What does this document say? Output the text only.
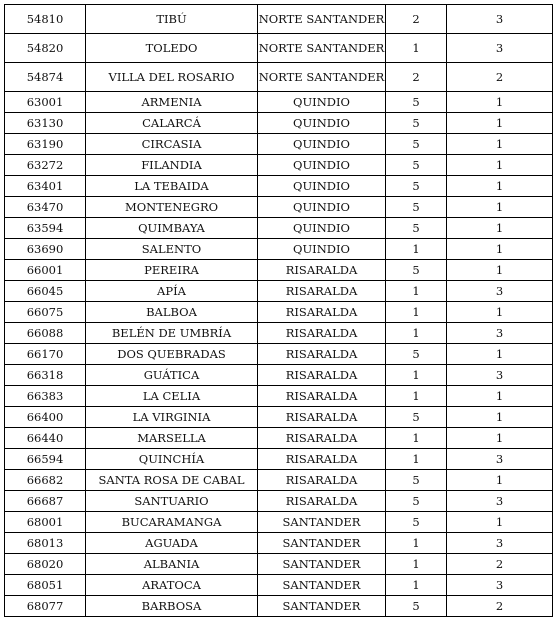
54810	TIBÚ	NORTE SANTANDER	2	3
54820	TOLEDO	NORTE SANTANDER	1	3
54874	VILLA DEL ROSARIO	NORTE SANTANDER	2	2
63001	ARMENIA	QUINDIO	5	1
63130	CALARCÁ	QUINDIO	5	1
63190	CIRCASIA	QUINDIO	5	1
63272	FILANDIA	QUINDIO	5	1
63401	LA TEBAIDA	QUINDIO	5	1
63470	MONTENEGRO	QUINDIO	5	1
63594	QUIMBAYA	QUINDIO	5	1
63690	SALENTO	QUINDIO	1	1
66001	PEREIRA	RISARALDA	5	1
66045	APÍA	RISARALDA	1	3
66075	BALBOA	RISARALDA	1	1
66088	BELÉN DE UMBRÍA	RISARALDA	1	3
66170	DOS QUEBRADAS	RISARALDA	5	1
66318	GUÁTICA	RISARALDA	1	3
66383	LA CELIA	RISARALDA	1	1
66400	LA VIRGINIA	RISARALDA	5	1
66440	MARSELLA	RISARALDA	1	1
66594	QUINCHÍA	RISARALDA	1	3
66682	SANTA ROSA DE CABAL	RISARALDA	5	1
66687	SANTUARIO	RISARALDA	5	3
68001	BUCARAMANGA	SANTANDER	5	1
68013	AGUADA	SANTANDER	1	3
68020	ALBANIA	SANTANDER	1	2
68051	ARATOCA	SANTANDER	1	3
68077	BARBOSA	SANTANDER	5	2
